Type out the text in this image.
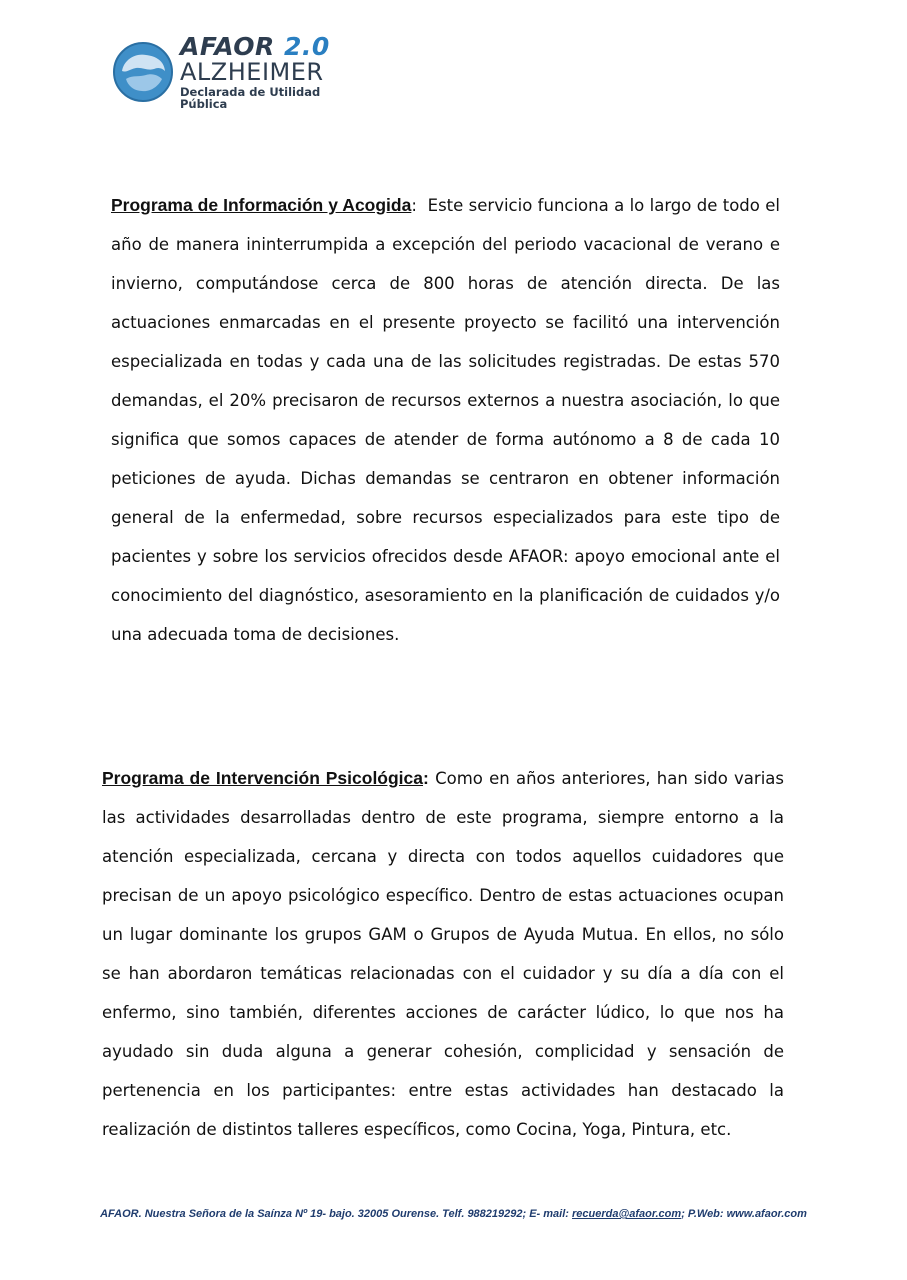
AFAOR 2.0
ALZHEIMER
Declarada de Utilidad Pública

Programa de Información y Acogida: Este servicio funciona a lo largo de todo el año de manera ininterrumpida a excepción del periodo vacacional de verano e invierno, computándose cerca de 800 horas de atención directa. De las actuaciones enmarcadas en el presente proyecto se facilitó una intervención especializada en todas y cada una de las solicitudes registradas. De estas 570 demandas, el 20% precisaron de recursos externos a nuestra asociación, lo que significa que somos capaces de atender de forma autónomo a 8 de cada 10 peticiones de ayuda. Dichas demandas se centraron en obtener información general de la enfermedad, sobre recursos especializados para este tipo de pacientes y sobre los servicios ofrecidos desde AFAOR: apoyo emocional ante el conocimiento del diagnóstico, asesoramiento en la planificación de cuidados y/o una adecuada toma de decisiones.

Programa de Intervención Psicológica: Como en años anteriores, han sido varias las actividades desarrolladas dentro de este programa, siempre entorno a la atención especializada, cercana y directa con todos aquellos cuidadores que precisan de un apoyo psicológico específico. Dentro de estas actuaciones ocupan un lugar dominante los grupos GAM o Grupos de Ayuda Mutua. En ellos, no sólo se han abordaron temáticas relacionadas con el cuidador y su día a día con el enfermo, sino también, diferentes acciones de carácter lúdico, lo que nos ha ayudado sin duda alguna a generar cohesión, complicidad y sensación de pertenencia en los participantes: entre estas actividades han destacado la realización de distintos talleres específicos, como Cocina, Yoga, Pintura, etc.

AFAOR. Nuestra Señora de la Saínza Nº 19- bajo. 32005 Ourense. Telf. 988219292; E- mail: recuerda@afaor.com; P.Web: www.afaor.com
